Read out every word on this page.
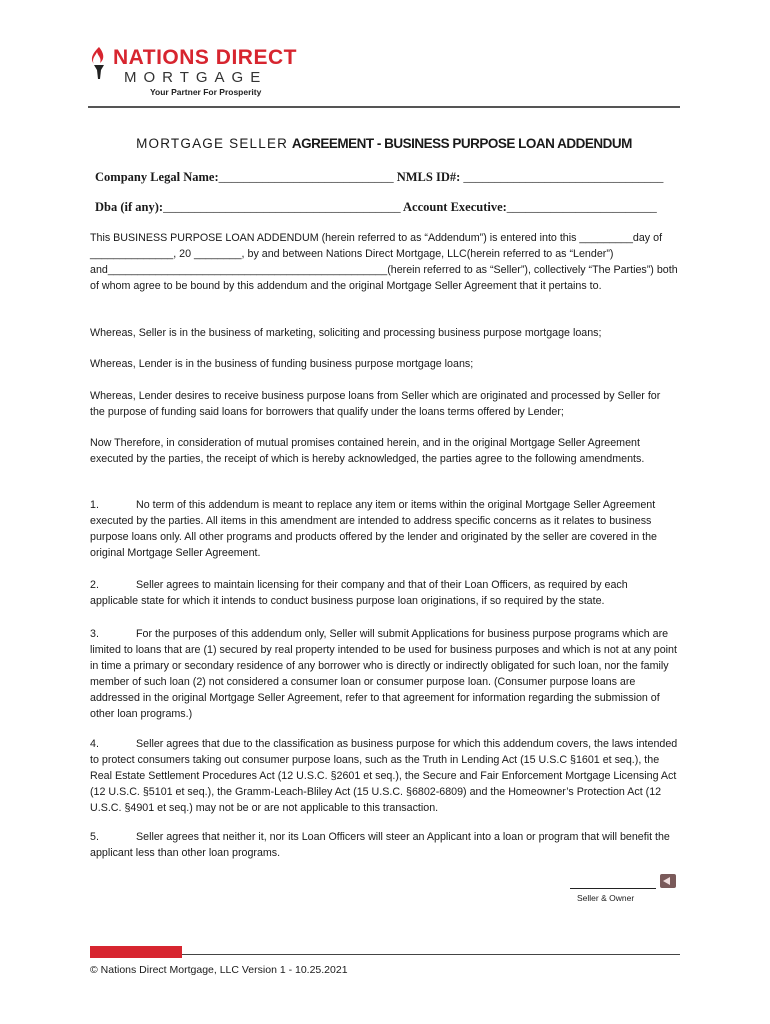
NATIONS DIRECT
MORTGAGE
Your Partner For Prosperity
MORTGAGE SELLER AGREEMENT - BUSINESS PURPOSE LOAN ADDENDUM
Company Legal Name:____________________________ NMLS ID#: ________________________________
Dba (if any):______________________________________ Account Executive:________________________

This BUSINESS PURPOSE LOAN ADDENDUM (herein referred to as “Addendum”) is entered into this _________day of ______________, 20 ________, by and between Nations Direct Mortgage, LLC(herein referred to as “Lender”) and_______________________________________________(herein referred to as “Seller”), collectively “The Parties”) both of whom agree to be bound by this addendum and the original Mortgage Seller Agreement that it pertains to.

Whereas, Seller is in the business of marketing, soliciting and processing business purpose mortgage loans;

Whereas, Lender is in the business of funding business purpose mortgage loans;

Whereas, Lender desires to receive business purpose loans from Seller which are originated and processed by Seller for the purpose of funding said loans for borrowers that qualify under the loans terms offered by Lender;

Now Therefore, in consideration of mutual promises contained herein, and in the original Mortgage Seller Agreement executed by the parties, the receipt of which is hereby acknowledged, the parties agree to the following amendments.

1.	No term of this addendum is meant to replace any item or items within the original Mortgage Seller Agreement executed by the parties. All items in this amendment are intended to address specific concerns as it relates to business purpose loans only. All other programs and products offered by the lender and originated by the seller are covered in the original Mortgage Seller Agreement.

2.	Seller agrees to maintain licensing for their company and that of their Loan Officers, as required by each applicable state for which it intends to conduct business purpose loan originations, if so required by the state.

3.	For the purposes of this addendum only, Seller will submit Applications for business purpose programs which are limited to loans that are (1) secured by real property intended to be used for business purposes and which is not at any point in time a primary or secondary residence of any borrower who is directly or indirectly obligated for such loan, nor the family member of such loan (2) not considered a consumer loan or consumer purpose loan. (Consumer purpose loans are addressed in the original Mortgage Seller Agreement, refer to that agreement for information regarding the submission of other loan programs.)

4.	Seller agrees that due to the classification as business purpose for which this addendum covers, the laws intended to protect consumers taking out consumer purpose loans, such as the Truth in Lending Act (15 U.S.C §1601 et seq.), the Real Estate Settlement Procedures Act (12 U.S.C. §2601 et seq.), the Secure and Fair Enforcement Mortgage Licensing Act (12 U.S.C. §5101 et seq.), the Gramm-Leach-Bliley Act (15 U.S.C. §6802-6809) and the Homeowner’s Protection Act (12 U.S.C. §4901 et seq.) may not be or are not applicable to this transaction.

5.	Seller agrees that neither it, nor its Loan Officers will steer an Applicant into a loan or program that will benefit the applicant less than other loan programs.

Seller & Owner
© Nations Direct Mortgage, LLC Version 1 - 10.25.2021
